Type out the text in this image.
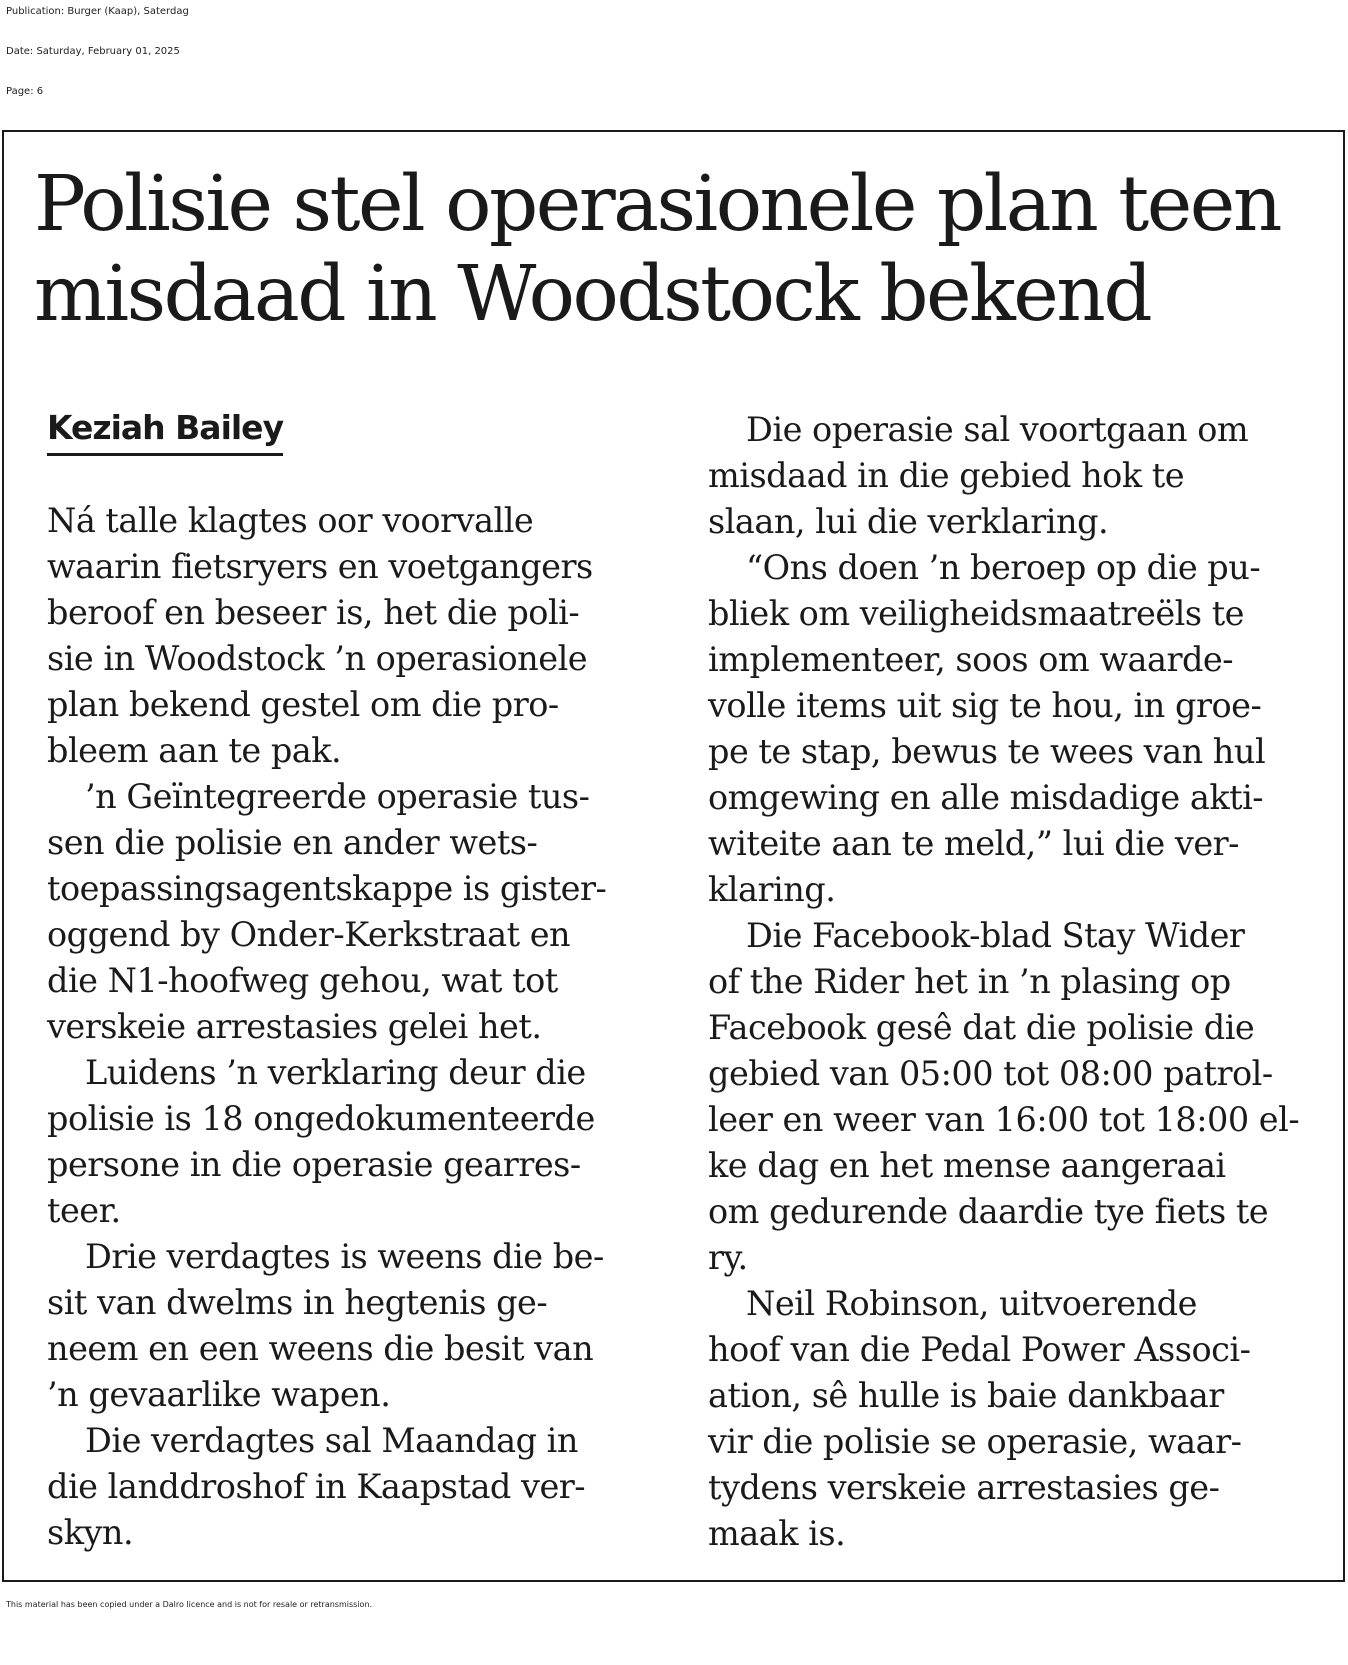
Publication: Burger (Kaap), Saterdag
Date: Saturday, February 01, 2025
Page: 6
Polisie stel operasionele plan teen
misdaad in Woodstock bekend
Keziah Bailey
Ná talle klagtes oor voorvalle
waarin fietsryers en voetgangers
beroof en beseer is, het die poli-
sie in Woodstock ’n operasionele
plan bekend gestel om die pro-
bleem aan te pak.
’n Geïntegreerde operasie tus-
sen die polisie en ander wets-
toepassingsagentskappe is gister-
oggend by Onder-Kerkstraat en
die N1-hoofweg gehou, wat tot
verskeie arrestasies gelei het.
Luidens ’n verklaring deur die
polisie is 18 ongedokumenteerde
persone in die operasie gearres-
teer.
Drie verdagtes is weens die be-
sit van dwelms in hegtenis ge-
neem en een weens die besit van
’n gevaarlike wapen.
Die verdagtes sal Maandag in
die landdroshof in Kaapstad ver-
skyn.
Die operasie sal voortgaan om
misdaad in die gebied hok te
slaan, lui die verklaring.
“Ons doen ’n beroep op die pu-
bliek om veiligheidsmaatreëls te
implementeer, soos om waarde-
volle items uit sig te hou, in groe-
pe te stap, bewus te wees van hul
omgewing en alle misdadige akti-
witeite aan te meld,” lui die ver-
klaring.
Die Facebook-blad Stay Wider
of the Rider het in ’n plasing op
Facebook gesê dat die polisie die
gebied van 05:00 tot 08:00 patrol-
leer en weer van 16:00 tot 18:00 el-
ke dag en het mense aangeraai
om gedurende daardie tye fiets te
ry.
Neil Robinson, uitvoerende
hoof van die Pedal Power Associ-
ation, sê hulle is baie dankbaar
vir die polisie se operasie, waar-
tydens verskeie arrestasies ge-
maak is.
This material has been copied under a Dalro licence and is not for resale or retransmission.
